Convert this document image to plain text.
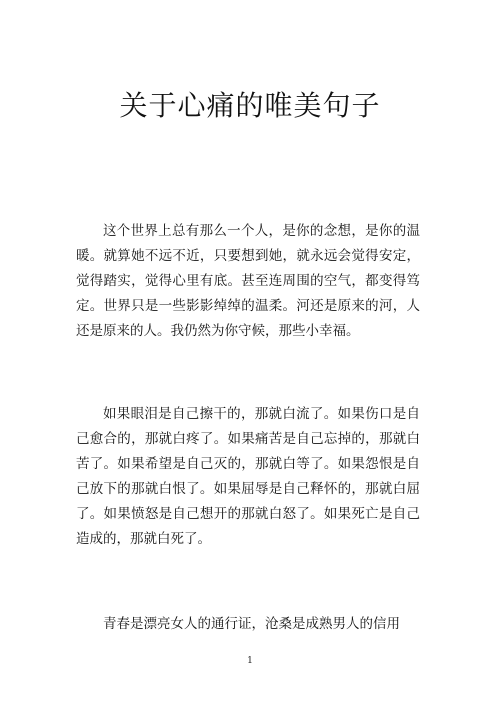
关于心痛的唯美句子

这个世界上总有那么一个人，是你的念想，是你的温暖。就算她不远不近，只要想到她，就永远会觉得安定，觉得踏实，觉得心里有底。甚至连周围的空气，都变得笃定。世界只是一些影影绰绰的温柔。河还是原来的河，人还是原来的人。我仍然为你守候，那些小幸福。

如果眼泪是自己擦干的，那就白流了。如果伤口是自己愈合的，那就白疼了。如果痛苦是自己忘掉的，那就白苦了。如果希望是自己灭的，那就白等了。如果怨恨是自己放下的那就白恨了。如果屈辱是自己释怀的，那就白屈了。如果愤怒是自己想开的那就白怒了。如果死亡是自己造成的，那就白死了。

青春是漂亮女人的通行证，沧桑是成熟男人的信用

1
